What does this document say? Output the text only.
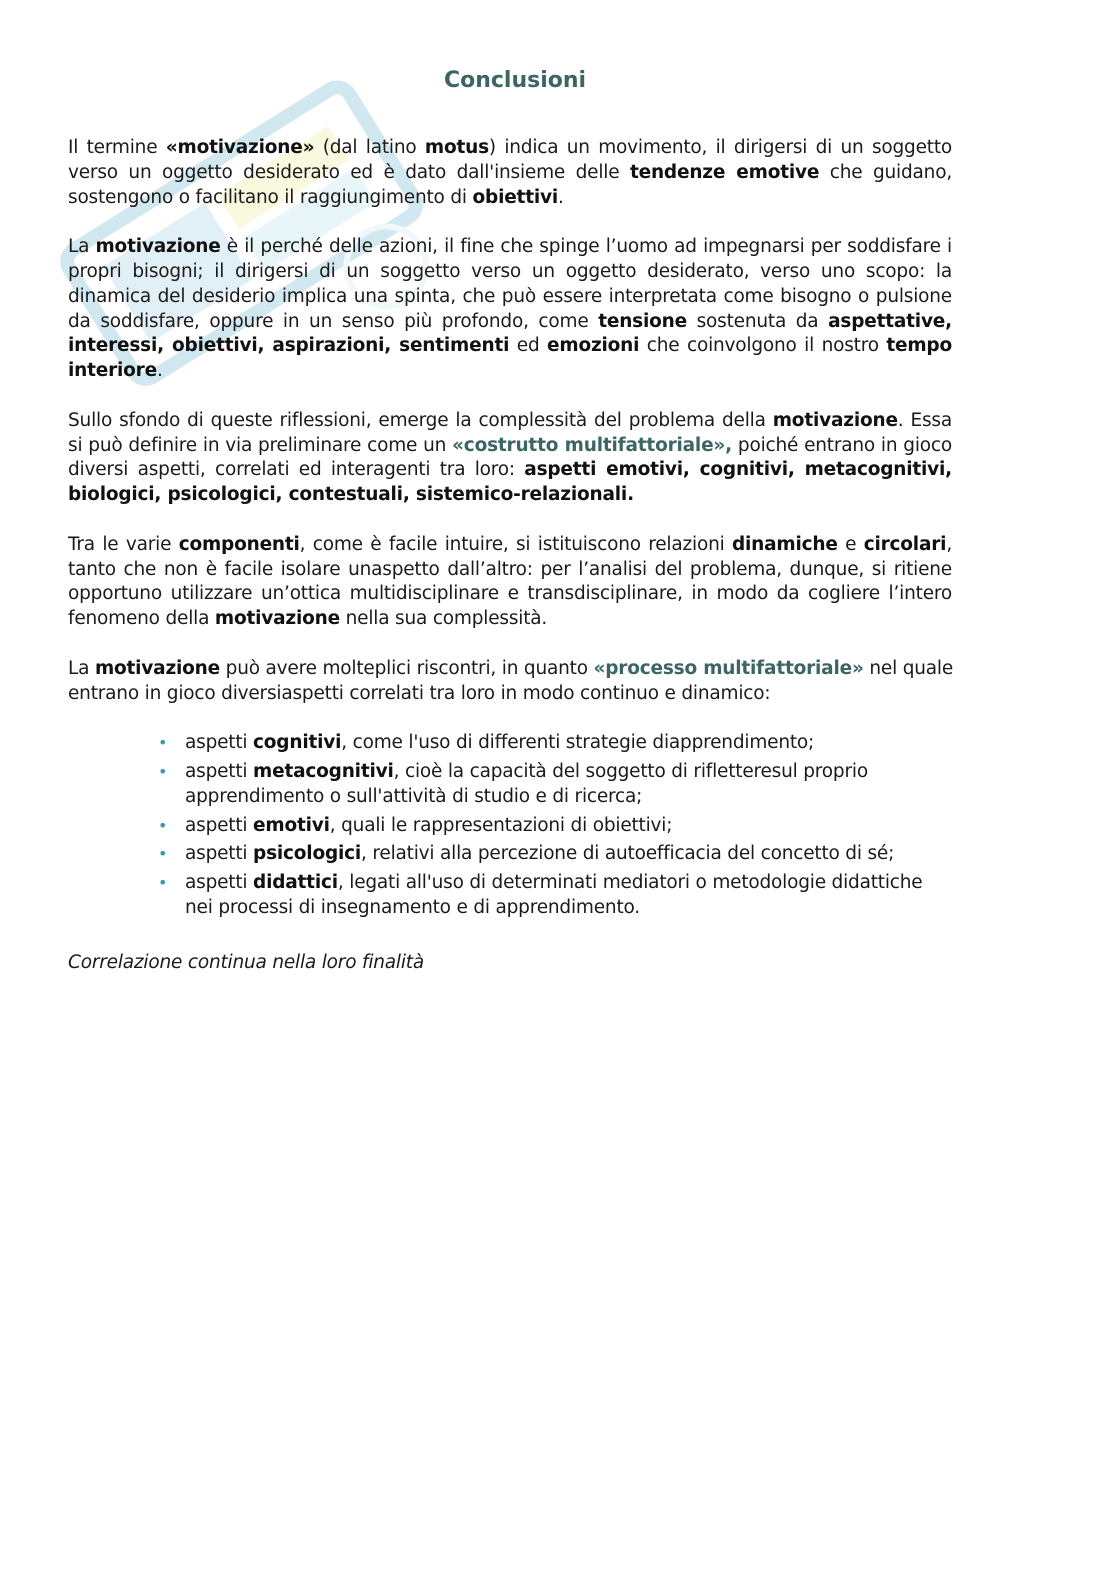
Conclusioni

Il termine «motivazione» (dal latino motus) indica un movimento, il dirigersi di un soggetto verso un oggetto desiderato ed è dato dall'insieme delle tendenze emotive che guidano, sostengono o facilitano il raggiungimento di obiettivi.

La motivazione è il perché delle azioni, il fine che spinge l’uomo ad impegnarsi per soddisfare i propri bisogni; il dirigersi di un soggetto verso un oggetto desiderato, verso uno scopo: la dinamica del desiderio implica una spinta, che può essere interpretata come bisogno o pulsione da soddisfare, oppure in un senso più profondo, come tensione sostenuta da aspettative, interessi, obiettivi, aspirazioni, sentimenti ed emozioni che coinvolgono il nostro tempo interiore.

Sullo sfondo di queste riflessioni, emerge la complessità del problema della motivazione. Essa si può definire in via preliminare come un «costrutto multifattoriale», poiché entrano in gioco diversi aspetti, correlati ed interagenti tra loro: aspetti emotivi, cognitivi, metacognitivi, biologici, psicologici, contestuali, sistemico-relazionali.

Tra le varie componenti, come è facile intuire, si istituiscono relazioni dinamiche e circolari, tanto che non è facile isolare unaspetto dall’altro: per l’analisi del problema, dunque, si ritiene opportuno utilizzare un’ottica multidisciplinare e transdisciplinare, in modo da cogliere l’intero fenomeno della motivazione nella sua complessità.

La motivazione può avere molteplici riscontri, in quanto «processo multifattoriale» nel quale entrano in gioco diversiaspetti correlati tra loro in modo continuo e dinamico:

• aspetti cognitivi, come l'uso di differenti strategie diapprendimento;
• aspetti metacognitivi, cioè la capacità del soggetto di rifletteresul proprio apprendimento o sull'attività di studio e di ricerca;
• aspetti emotivi, quali le rappresentazioni di obiettivi;
• aspetti psicologici, relativi alla percezione di autoefficacia del concetto di sé;
• aspetti didattici, legati all'uso di determinati mediatori o metodologie didattiche nei processi di insegnamento e di apprendimento.
Correlazione continua nella loro finalità
